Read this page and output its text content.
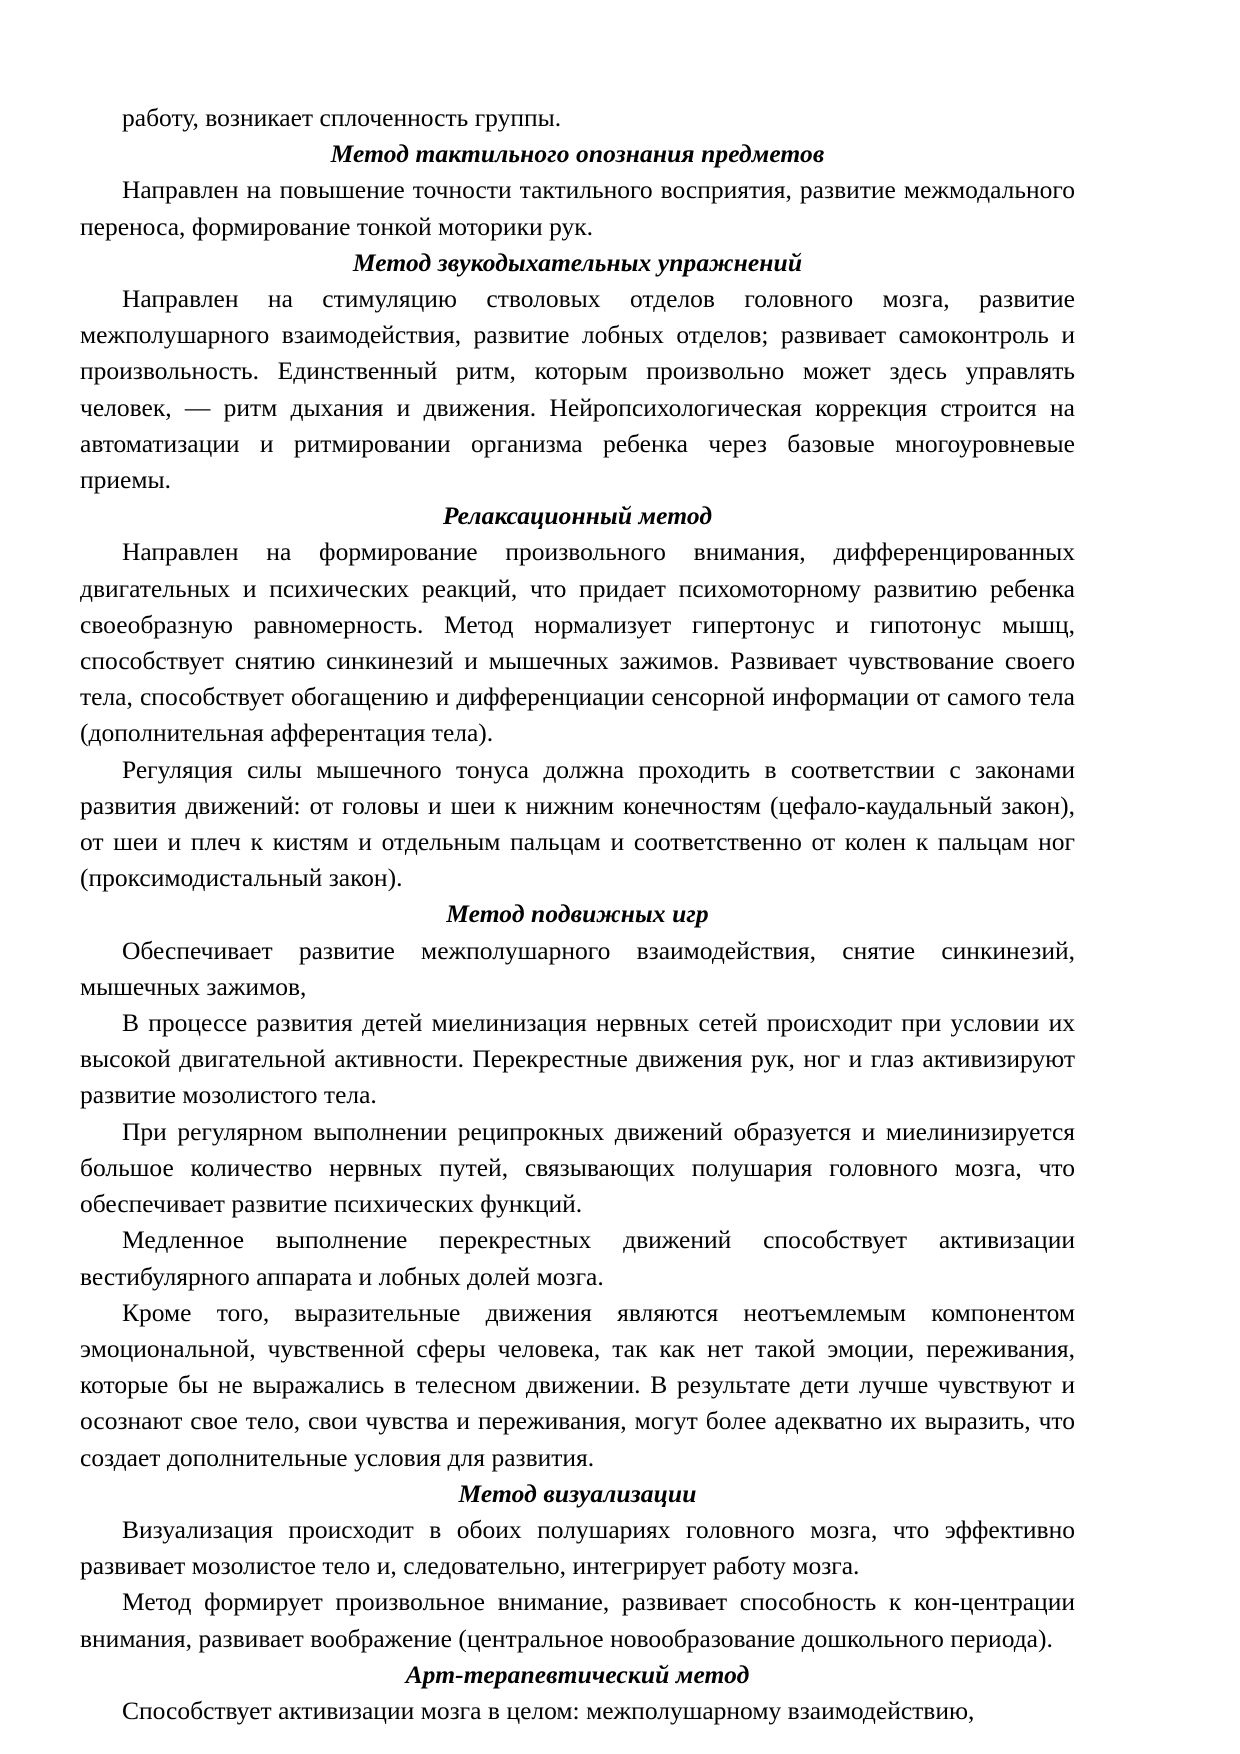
работу, возникает сплоченность группы.

Метод тактильного опознания предметов

Направлен на повышение точности тактильного восприятия, развитие межмодального переноса, формирование тонкой моторики рук.

Метод звукодыхательных упражнений

Направлен на стимуляцию стволовых отделов головного мозга, развитие межполушарного взаимодействия, развитие лобных отделов; развивает самоконтроль и произвольность. Единственный ритм, которым произвольно может здесь управлять человек, — ритм дыхания и движения. Нейропсихологическая коррекция строится на автоматизации и ритмировании организма ребенка через базовые многоуровневые приемы.

Релаксационный метод

Направлен на формирование произвольного внимания, дифференцированных двигательных и психических реакций, что придает психомоторному развитию ребенка своеобразную равномерность. Метод нормализует гипертонус и гипотонус мышц, способствует снятию синкинезий и мышечных зажимов. Развивает чувствование своего тела, способствует обогащению и дифференциации сенсорной информации от самого тела (дополнительная афферентация тела).

Регуляция силы мышечного тонуса должна проходить в соответствии с законами развития движений: от головы и шеи к нижним конечностям (цефало-каудальный закон), от шеи и плеч к кистям и отдельным пальцам и соответственно от колен к пальцам ног (проксимодистальный закон).

Метод подвижных игр

Обеспечивает развитие межполушарного взаимодействия, снятие синкинезий, мышечных зажимов,

В процессе развития детей миелинизация нервных сетей происходит при условии их высокой двигательной активности. Перекрестные движения рук, ног и глаз активизируют развитие мозолистого тела.

При регулярном выполнении реципрокных движений образуется и миелинизируется большое количество нервных путей, связывающих полушария головного мозга, что обеспечивает развитие психических функций.

Медленное выполнение перекрестных движений способствует активизации вестибулярного аппарата и лобных долей мозга.

Кроме того, выразительные движения являются неотъемлемым компонентом эмоциональной, чувственной сферы человека, так как нет такой эмоции, переживания, которые бы не выражались в телесном движении. В результате дети лучше чувствуют и осознают свое тело, свои чувства и переживания, могут более адекватно их выразить, что создает дополнительные условия для развития.

Метод визуализации

Визуализация происходит в обоих полушариях головного мозга, что эффективно развивает мозолистое тело и, следовательно, интегрирует работу мозга.

Метод формирует произвольное внимание, развивает способность к кон-центрации внимания, развивает воображение (центральное новообразование дошкольного периода).

Арт-терапевтический метод

Способствует активизации мозга в целом: межполушарному взаимодействию,
